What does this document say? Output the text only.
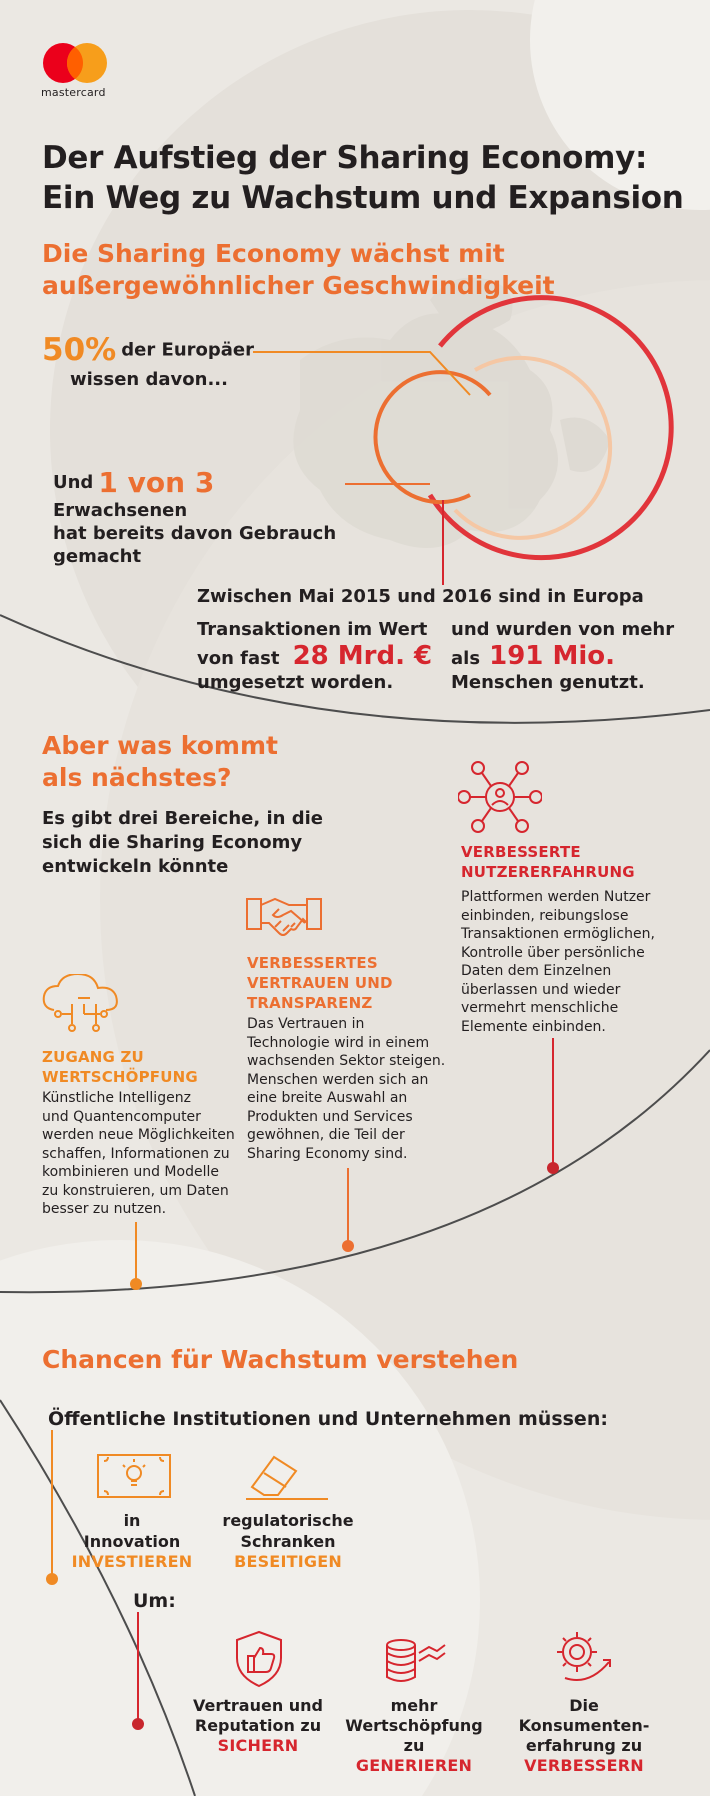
mastercard
Der Aufstieg der Sharing Economy:
Ein Weg zu Wachstum und Expansion
Die Sharing Economy wächst mit
außergewöhnlicher Geschwindigkeit
50% der Europäer
wissen davon...
Und 1 von 3 Erwachsenen
hat bereits davon Gebrauch
gemacht
Zwischen Mai 2015 und 2016 sind in Europa
Transaktionen im Wert
von fast 28 Mrd. €
umgesetzt worden.
und wurden von mehr
als 191 Mio.
Menschen genutzt.
Aber was kommt
als nächstes?
Es gibt drei Bereiche, in die
sich die Sharing Economy
entwickeln könnte
VERBESSERTE
NUTZERERFAHRUNG
Plattformen werden Nutzer
einbinden, reibungslose
Transaktionen ermöglichen,
Kontrolle über persönliche
Daten dem Einzelnen
überlassen und wieder
vermehrt menschliche
Elemente einbinden.
VERBESSERTES
VERTRAUEN UND
TRANSPARENZ
Das Vertrauen in
Technologie wird in einem
wachsenden Sektor steigen.
Menschen werden sich an
eine breite Auswahl an
Produkten und Services
gewöhnen, die Teil der
Sharing Economy sind.
ZUGANG ZU
WERTSCHÖPFUNG
Künstliche Intelligenz
und Quantencomputer
werden neue Möglichkeiten
schaffen, Informationen zu
kombinieren und Modelle
zu konstruieren, um Daten
besser zu nutzen.
Chancen für Wachstum verstehen
Öffentliche Institutionen und Unternehmen müssen:
in
Innovation
INVESTIEREN
regulatorische
Schranken
BESEITIGEN
Um:
Vertrauen und
Reputation zu
SICHERN
mehr
Wertschöpfung zu
GENERIEREN
Die Konsumenten-
erfahrung zu
VERBESSERN
